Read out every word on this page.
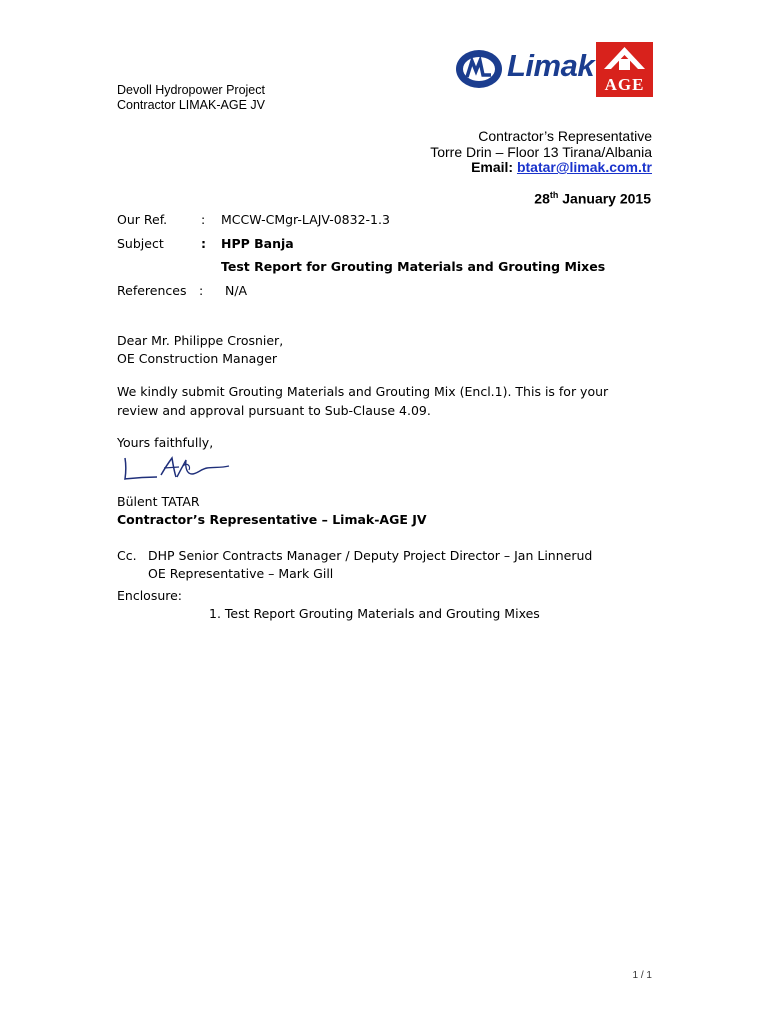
Devoll Hydropower Project
Contractor LIMAK-AGE JV
Limak
AGE
Contractor’s Representative
Torre Drin – Floor 13 Tirana/Albania
Email: btatar@limak.com.tr
28th January 2015
Our Ref.	: MCCW-CMgr-LAJV-0832-1.3
Subject	: HPP Banja
Test Report for Grouting Materials and Grouting Mixes
References : N/A
Dear Mr. Philippe Crosnier,
OE Construction Manager
We kindly submit Grouting Materials and Grouting Mix (Encl.1). This is for your
review and approval pursuant to Sub-Clause 4.09.
Yours faithfully,
Bülent TATAR
Contractor’s Representative – Limak-AGE JV
Cc. DHP Senior Contracts Manager / Deputy Project Director – Jan Linnerud
OE Representative – Mark Gill
Enclosure:
1. Test Report Grouting Materials and Grouting Mixes
1 / 1
